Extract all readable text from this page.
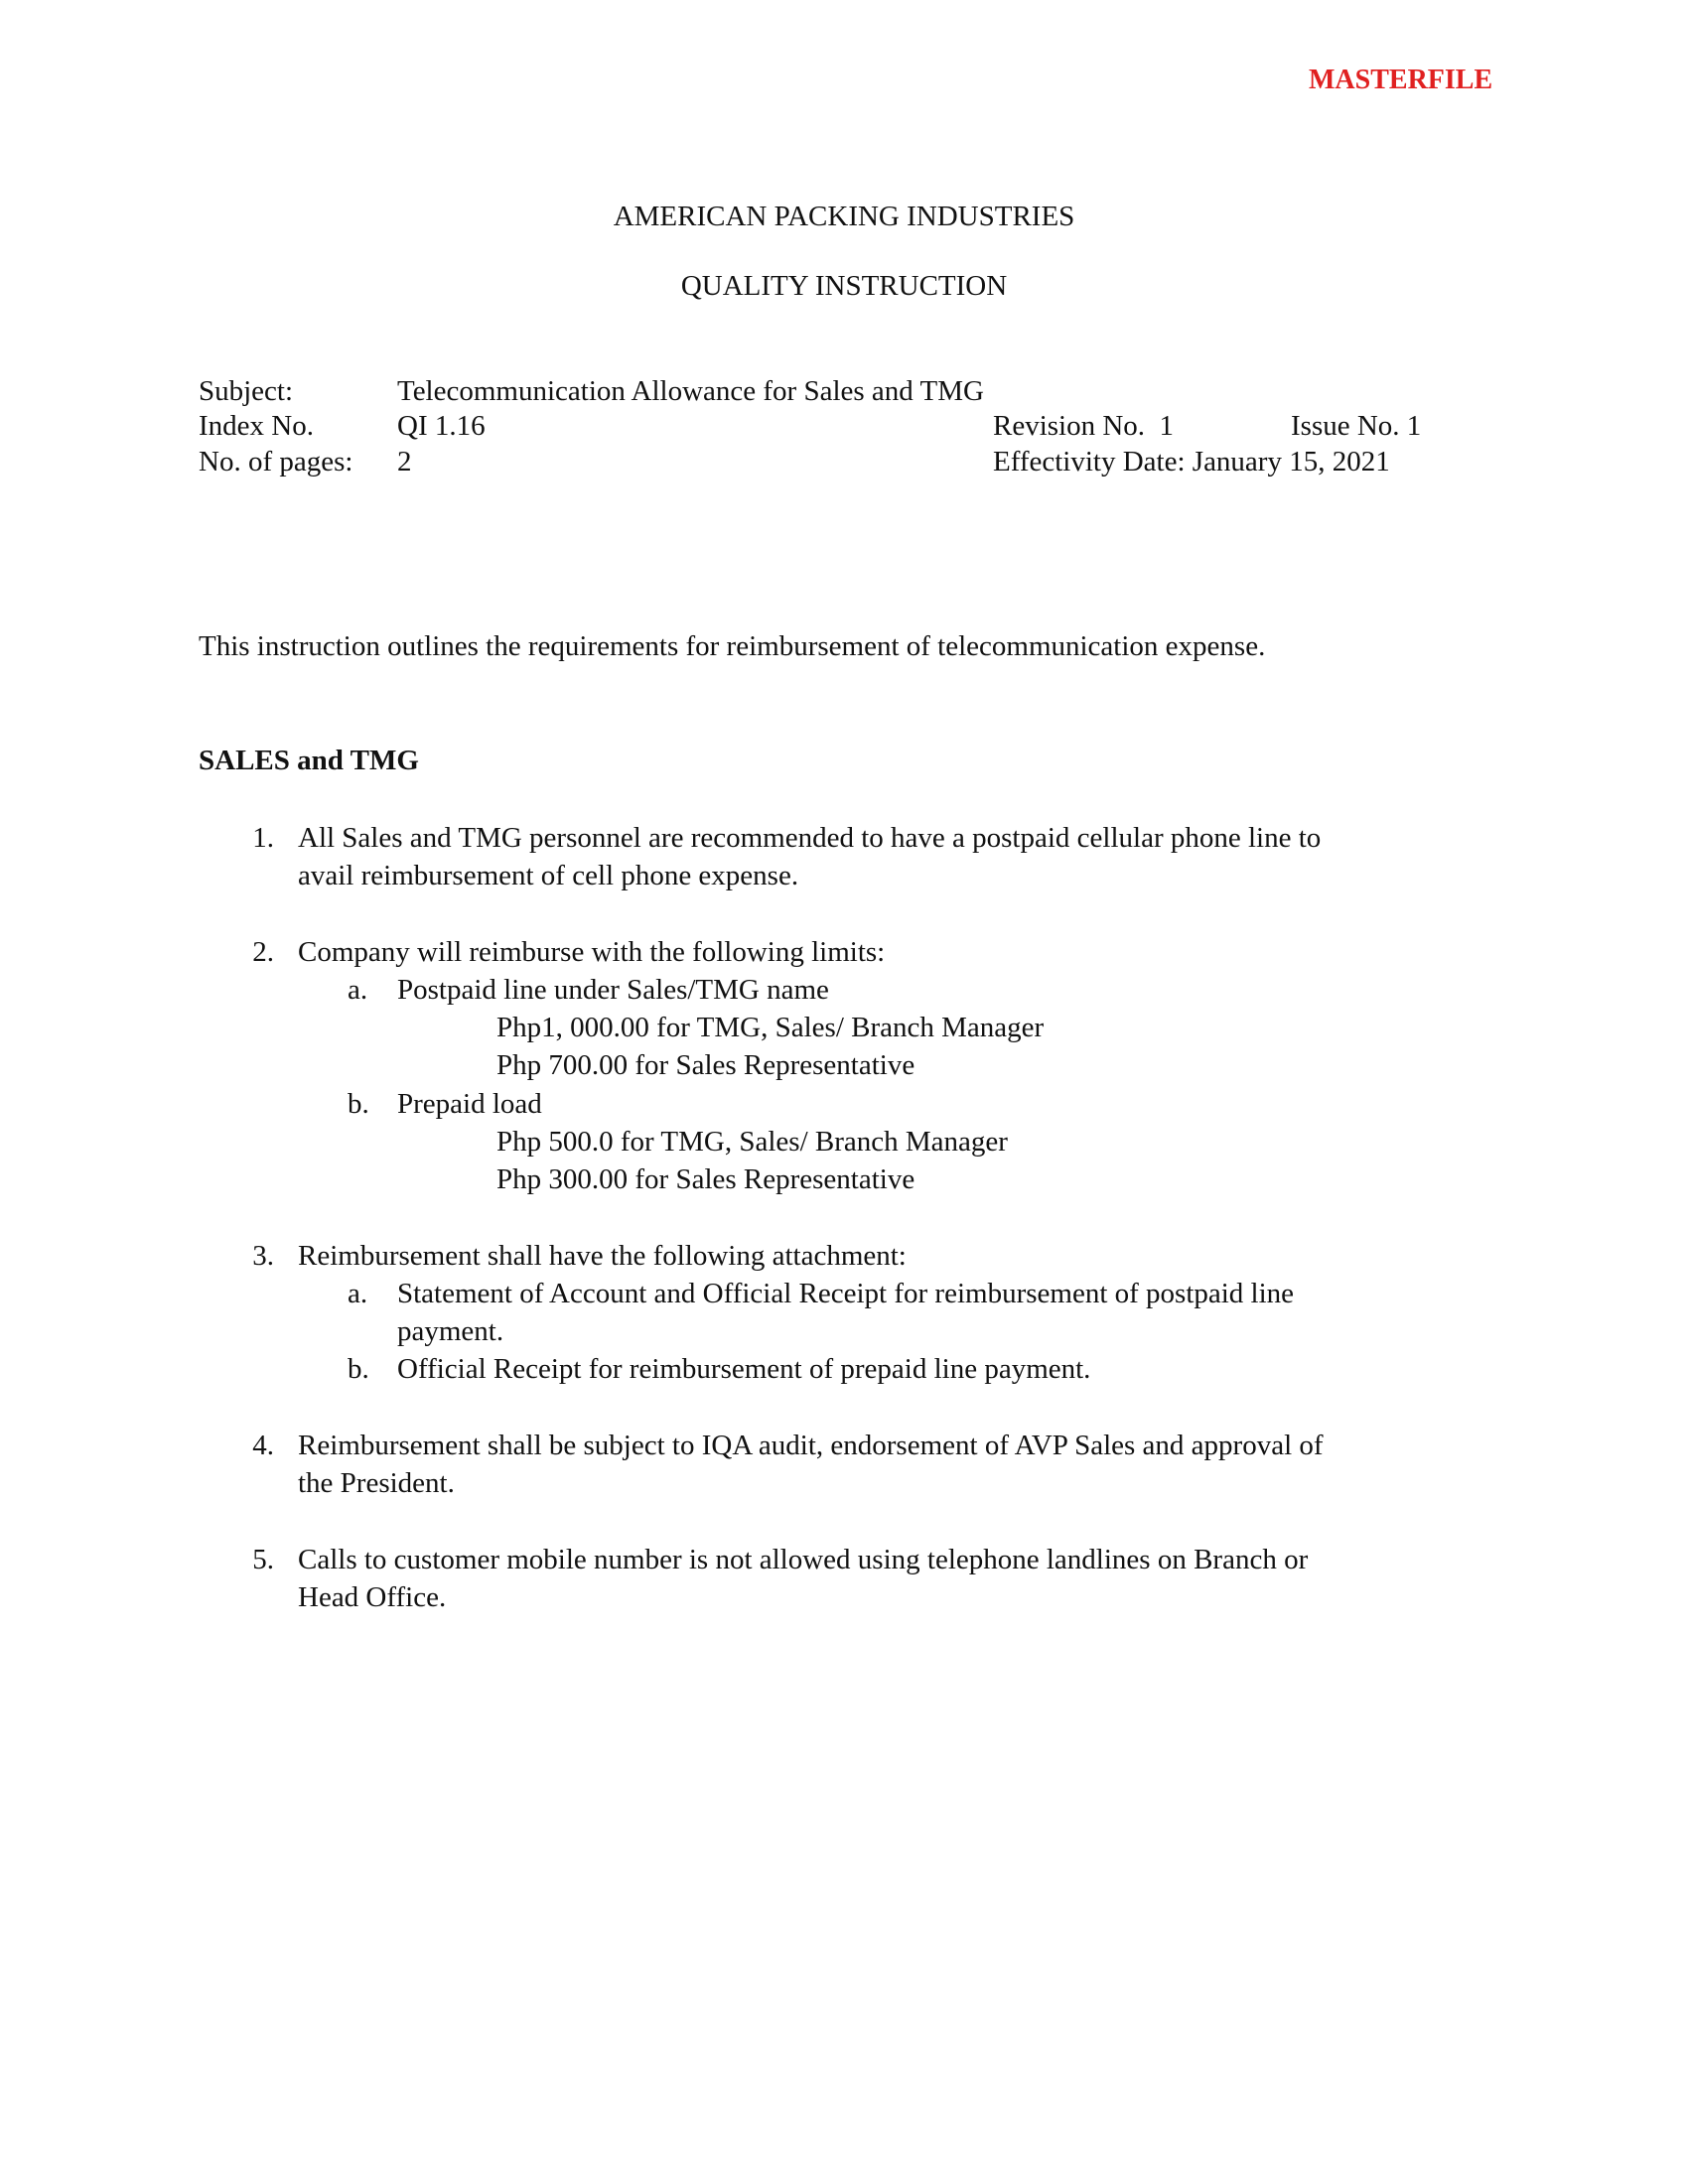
MASTERFILE
AMERICAN PACKING INDUSTRIES
QUALITY INSTRUCTION
Subject:	Telecommunication Allowance for Sales and TMG
Index No.	QI 1.16	Revision No.  1	Issue No. 1
No. of pages: 2	Effectivity Date: January 15, 2021
This instruction outlines the requirements for reimbursement of telecommunication expense.
SALES and TMG
1. All Sales and TMG personnel are recommended to have a postpaid cellular phone line to
avail reimbursement of cell phone expense.
2. Company will reimburse with the following limits:
a. Postpaid line under Sales/TMG name
Php1, 000.00 for TMG, Sales/ Branch Manager
Php 700.00 for Sales Representative
b. Prepaid load
Php 500.0 for TMG, Sales/ Branch Manager
Php 300.00 for Sales Representative
3. Reimbursement shall have the following attachment:
a. Statement of Account and Official Receipt for reimbursement of postpaid line
payment.
b. Official Receipt for reimbursement of prepaid line payment.
4. Reimbursement shall be subject to IQA audit, endorsement of AVP Sales and approval of
the President.
5. Calls to customer mobile number is not allowed using telephone landlines on Branch or
Head Office.
